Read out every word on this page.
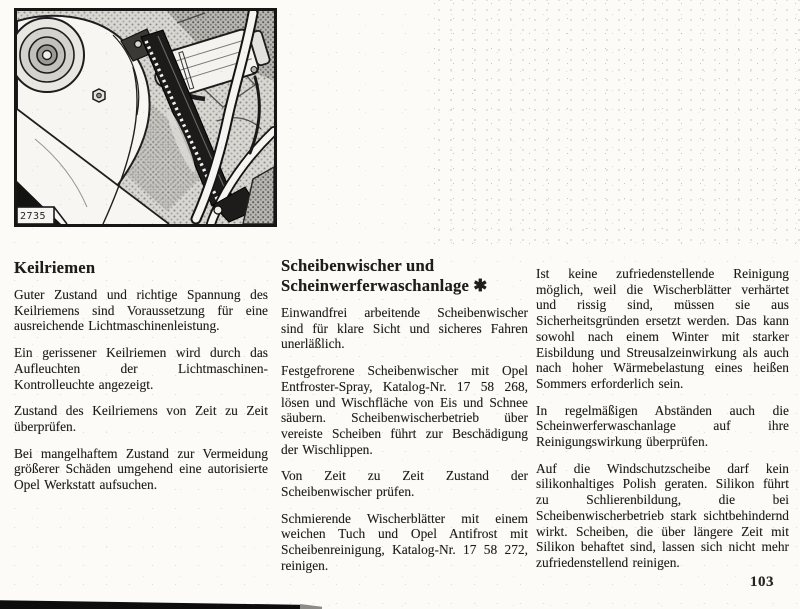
2735
Keilriemen

Guter Zustand und richtige Spannung des Keilriemens sind Voraussetzung für eine ausreichende Lichtmaschinenleistung.

Ein gerissener Keilriemen wird durch das Aufleuchten der Lichtmaschinen-Kontrolleuchte angezeigt.

Zustand des Keilriemens von Zeit zu Zeit überprüfen.

Bei mangelhaftem Zustand zur Vermeidung größerer Schäden umgehend eine autorisierte Opel Werkstatt aufsuchen.

Scheibenwischer und
Scheinwerferwaschanlage ✱

Einwandfrei arbeitende Scheibenwischer sind für klare Sicht und sicheres Fahren unerläßlich.

Festgefrorene Scheibenwischer mit Opel Entfroster-Spray, Katalog-Nr. 17 58 268, lösen und Wischfläche von Eis und Schnee säubern. Scheibenwischerbetrieb über vereiste Scheiben führt zur Beschädigung der Wischlippen.

Von Zeit zu Zeit Zustand der Scheibenwischer prüfen.

Schmierende Wischerblätter mit einem weichen Tuch und Opel Antifrost mit Scheibenreinigung, Katalog-Nr. 17 58 272, reinigen.

Ist keine zufriedenstellende Reinigung möglich, weil die Wischerblätter verhärtet und rissig sind, müssen sie aus Sicherheitsgründen ersetzt werden. Das kann sowohl nach einem Winter mit starker Eisbildung und Streusalzeinwirkung als auch nach hoher Wärmebelastung eines heißen Sommers erforderlich sein.

In regelmäßigen Abständen auch die Scheinwerferwaschanlage auf ihre Reinigungswirkung überprüfen.

Auf die Windschutzscheibe darf kein silikonhaltiges Polish geraten. Silikon führt zu Schlierenbildung, die bei Scheibenwischerbetrieb stark sichtbehindernd wirkt. Scheiben, die über längere Zeit mit Silikon behaftet sind, lassen sich nicht mehr zufriedenstellend reinigen.

103
